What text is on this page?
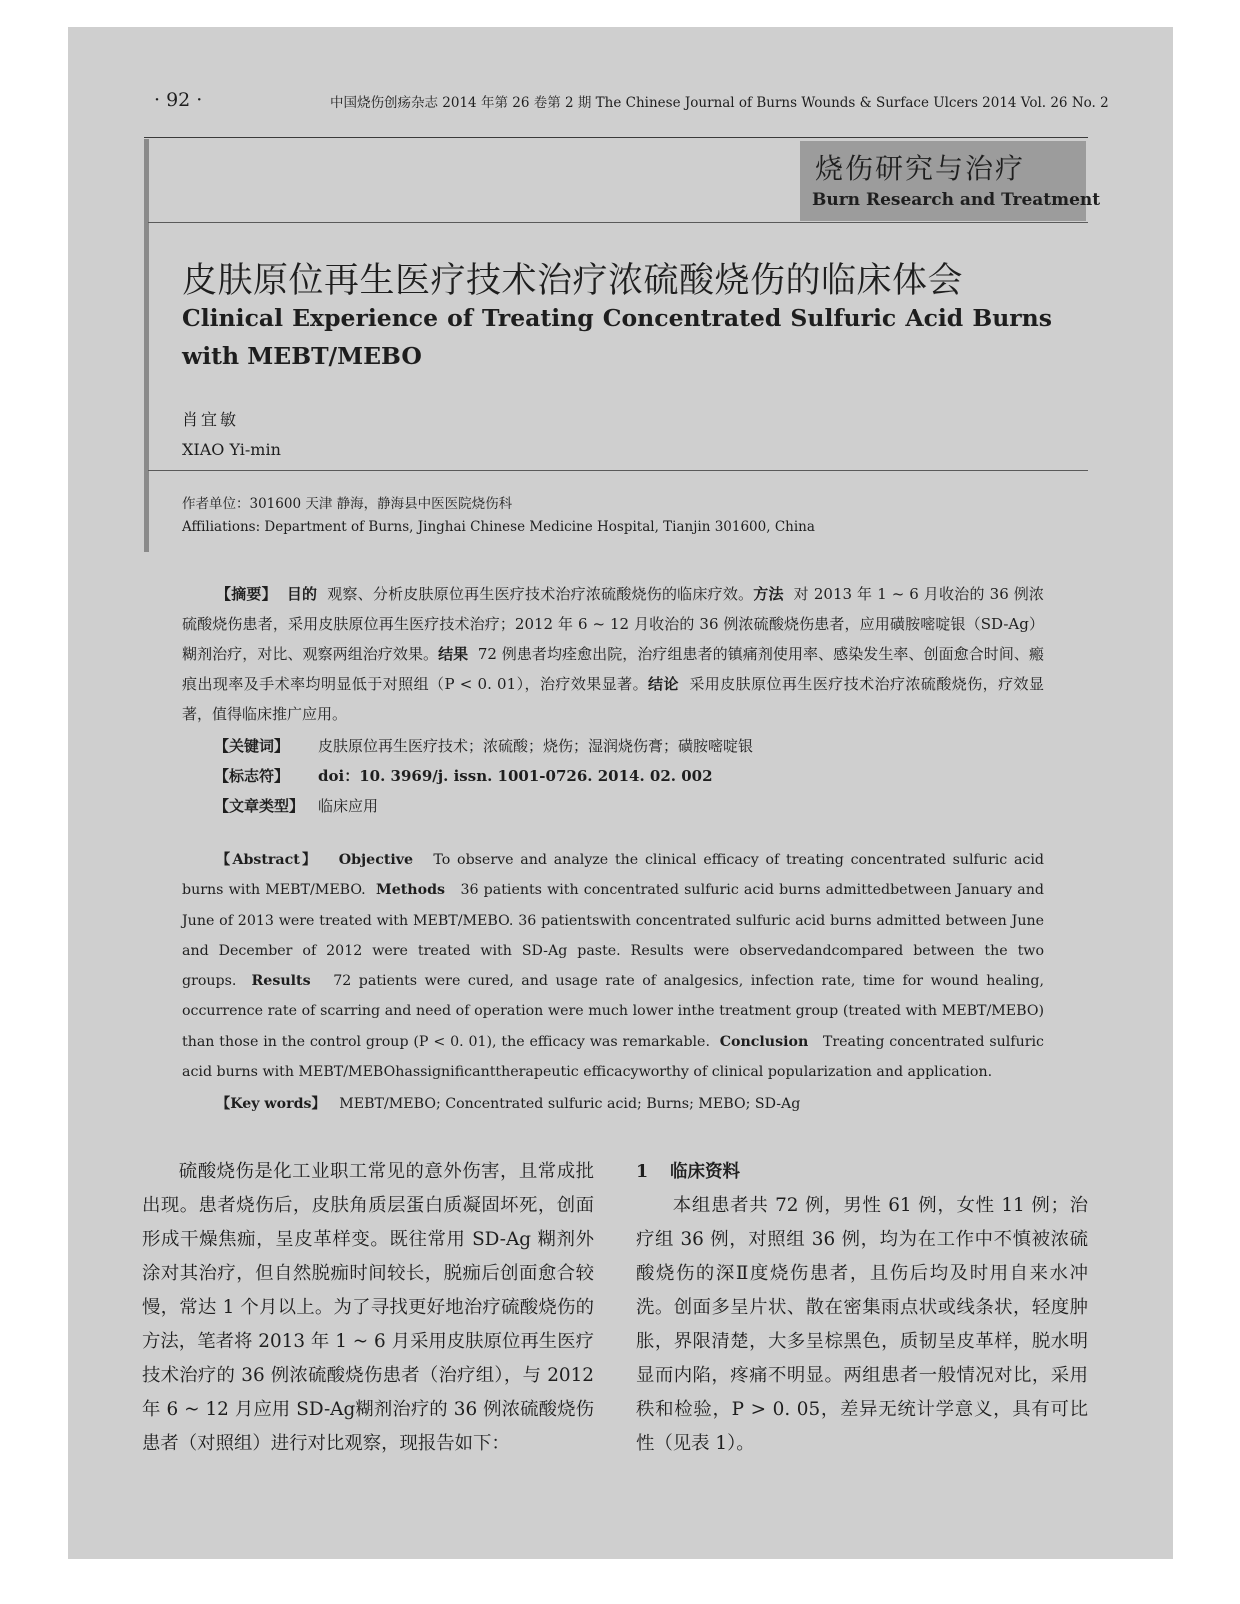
· 92 ·	中国烧伤创疡杂志 2014 年第 26 卷第 2 期 The Chinese Journal of Burns Wounds & Surface Ulcers 2014 Vol. 26 No. 2
烧伤研究与治疗
Burn Research and Treatment
皮肤原位再生医疗技术治疗浓硫酸烧伤的临床体会
Clinical Experience of Treating Concentrated Sulfuric Acid Burns with MEBT/MEBO
肖宜敏
XIAO Yi-min
作者单位：301600 天津 静海，静海县中医医院烧伤科
Affiliations: Department of Burns, Jinghai Chinese Medicine Hospital, Tianjin 301600, China
【摘要】 目的 观察、分析皮肤原位再生医疗技术治疗浓硫酸烧伤的临床疗效。方法 对 2013 年 1 ~ 6 月收治的 36 例浓硫酸烧伤患者，采用皮肤原位再生医疗技术治疗；2012 年 6 ~ 12 月收治的 36 例浓硫酸烧伤患者，应用磺胺嘧啶银（SD-Ag）糊剂治疗，对比、观察两组治疗效果。结果 72 例患者均痊愈出院，治疗组患者的镇痛剂使用率、感染发生率、创面愈合时间、瘢痕出现率及手术率均明显低于对照组（P < 0. 01），治疗效果显著。结论 采用皮肤原位再生医疗技术治疗浓硫酸烧伤，疗效显著，值得临床推广应用。
【关键词】 皮肤原位再生医疗技术；浓硫酸；烧伤；湿润烧伤膏；磺胺嘧啶银
【标志符】 doi：10. 3969/j. issn. 1001-0726. 2014. 02. 002
【文章类型】 临床应用
【Abstract】 Objective To observe and analyze the clinical efficacy of treating concentrated sulfuric acid burns with MEBT/MEBO. Methods 36 patients with concentrated sulfuric acid burns admittedbetween January and June of 2013 were treated with MEBT/MEBO. 36 patientswith concentrated sulfuric acid burns admitted between June and December of 2012 were treated with SD-Ag paste. Results were observedandcompared between the two groups. Results 72 patients were cured, and usage rate of analgesics, infection rate, time for wound healing, occurrence rate of scarring and need of operation were much lower inthe treatment group (treated with MEBT/MEBO) than those in the control group (P < 0. 01), the efficacy was remarkable. Conclusion Treating concentrated sulfuric acid burns with MEBT/MEBOhassignificanttherapeutic efficacyworthy of clinical popularization and application.
【Key words】 MEBT/MEBO; Concentrated sulfuric acid; Burns; MEBO; SD-Ag
硫酸烧伤是化工业职工常见的意外伤害，且常成批出现。患者烧伤后，皮肤角质层蛋白质凝固坏死，创面形成干燥焦痂，呈皮革样变。既往常用 SD-Ag 糊剂外涂对其治疗，但自然脱痂时间较长，脱痂后创面愈合较慢，常达 1 个月以上。为了寻找更好地治疗硫酸烧伤的方法，笔者将 2013 年 1 ~ 6 月采用皮肤原位再生医疗技术治疗的 36 例浓硫酸烧伤患者（治疗组），与 2012 年 6 ~ 12 月应用 SD-Ag糊剂治疗的 36 例浓硫酸烧伤患者（对照组）进行对比观察，现报告如下：
1 临床资料
本组患者共 72 例，男性 61 例，女性 11 例；治疗组 36 例，对照组 36 例，均为在工作中不慎被浓硫酸烧伤的深Ⅱ度烧伤患者，且伤后均及时用自来水冲洗。创面多呈片状、散在密集雨点状或线条状，轻度肿胀，界限清楚，大多呈棕黑色，质韧呈皮革样，脱水明显而内陷，疼痛不明显。两组患者一般情况对比，采用秩和检验，P > 0. 05，差异无统计学意义，具有可比性（见表 1）。
